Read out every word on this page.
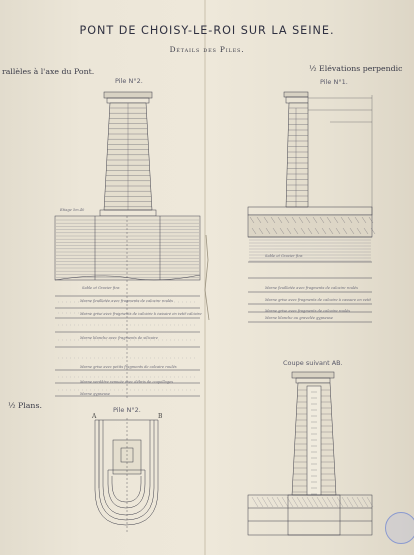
PONT DE CHOISY-LE-ROI SUR LA SEINE.
Détails des Piles.
rallèles à l'axe du Pont.	½ Elévations perpendic
Pile N°2.	Pile N°1.
½ Plans.	Pile N°2.
Coupe suivant AB.
A	B
Etiage 5m.40
Sable et Gravier fins
Marne feuilletée avec fragments de calcaire roulés
Marne grise avec fragments de calcaire à cassure en vetit calcaire
Marne blanche avec fragments de silicaire
Marne grise avec petits fragments de calcaire roulés
Marne verdâtre remuée avec débris de coquillages
Marne gypseuse
Sable et Gravier fins
Marne feuilletée avec fragments de calcaire roulés
Marne grise avec fragments de calcaire à cassure en vetit
Marne grise avec fragments de calcaire roulés
Marne blanche ou gravelée gypseuse
